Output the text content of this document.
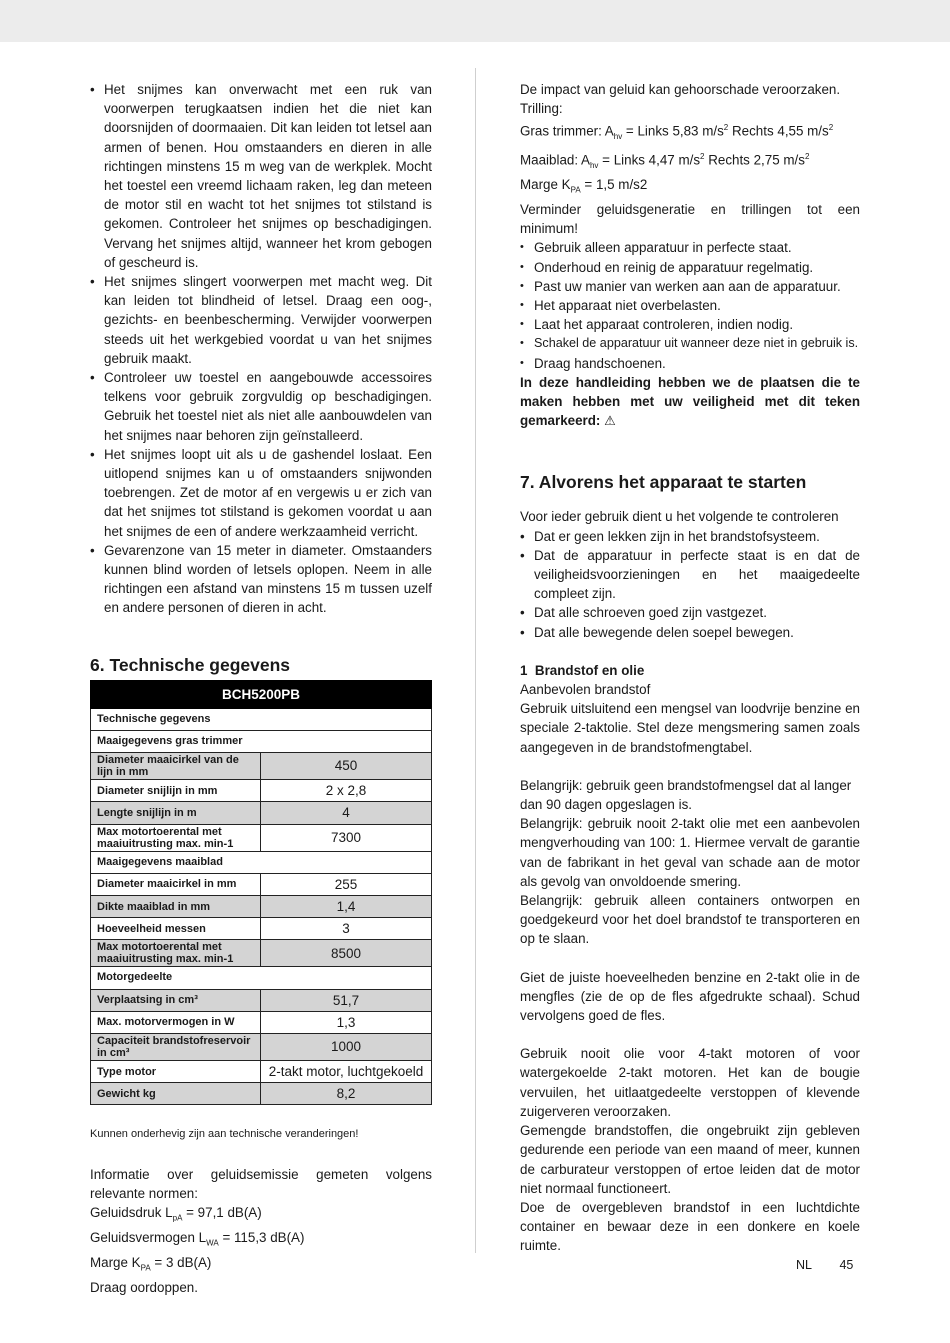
• Het snijmes kan onverwacht met een ruk van voorwerpen terugkaatsen indien het die niet kan doorsnijden of doormaaien. Dit kan leiden tot letsel aan armen of benen. Hou omstaanders en dieren in alle richtingen minstens 15 m weg van de werkplek. Mocht het toestel een vreemd lichaam raken, leg dan meteen de motor stil en wacht tot het snijmes tot stilstand is gekomen. Controleer het snijmes op beschadigingen. Vervang het snijmes altijd, wanneer het krom gebogen of gescheurd is.
• Het snijmes slingert voorwerpen met macht weg. Dit kan leiden tot blindheid of letsel. Draag een oog-, gezichts- en beenbescherming. Verwijder voorwerpen steeds uit het werkgebied voordat u van het snijmes gebruik maakt.
• Controleer uw toestel en aangebouwde accessoires telkens voor gebruik zorgvuldig op beschadigingen. Gebruik het toestel niet als niet alle aanbouwdelen van het snijmes naar behoren zijn geïnstalleerd.
• Het snijmes loopt uit als u de gashendel loslaat. Een uitlopend snijmes kan u of omstaanders snijwonden toebrengen. Zet de motor af en vergewis u er zich van dat het snijmes tot stilstand is gekomen voordat u aan het snijmes de een of andere werkzaamheid verricht.
• Gevarenzone van 15 meter in diameter. Omstaanders kunnen blind worden of letsels oplopen. Neem in alle richtingen een afstand van minstens 15 m tussen uzelf en andere personen of dieren in acht.
6. Technische gegevens
BCH5200PB	
Technische gegevens	
Maaigegevens gras trimmer	
Diameter maaicirkel van de lijn in mm	450
Diameter snijlijn in mm	2 x 2,8
Lengte snijlijn in m	4
Max motortoerental met maaiuitrusting max. min-1	7300
Maaigegevens maaiblad	
Diameter maaicirkel in mm	255
Dikte maaiblad in mm	1,4
Hoeveelheid messen	3
Max motortoerental met maaiuitrusting max. min-1	8500
Motorgedeelte	
Verplaatsing in cm³	51,7
Max. motorvermogen in W	1,3
Capaciteit brandstofreservoir in cm³	1000
Type motor	2-takt motor, luchtgekoeld
Gewicht kg	8,2

Kunnen onderhevig zijn aan technische veranderingen!

Informatie over geluidsemissie gemeten volgens relevante normen:

Geluidsdruk $L_{pA} = 97,1$ dB(A)

Geluidsvermogen $L_{WA} = 115,3$ dB(A)

Marge $K_{PA} = 3$ dB(A)

Draag oordoppen.

De impact van geluid kan gehoorschade veroorzaken.

Trilling:

Gras trimmer: $A_{hv}$ = Links 5,83 $m/s^2$ Rechts 4,55 $m/s^2$

Maaiblad: $A_{hv}$ = Links 4,47 $m/s^2$ Rechts 2,75 $m/s^2$

Marge $K_{PA} = 1,5$ m/s2

Verminder geluidsgeneratie en trillingen tot een minimum!

• Gebruik alleen apparatuur in perfecte staat.
• Onderhoud en reinig de apparatuur regelmatig.
• Past uw manier van werken aan aan de apparatuur.
• Het apparaat niet overbelasten.
• Laat het apparaat controleren, indien nodig.
• Schakel de apparatuur uit wanneer deze niet in gebruik is.
• Draag handschoenen.

In deze handleiding hebben we de plaatsen die te maken hebben met uw veiligheid met dit teken gemarkeerd: ⚠

7. Alvorens het apparaat te starten

Voor ieder gebruik dient u het volgende te controleren

• Dat er geen lekken zijn in het brandstofsysteem.
• Dat de apparatuur in perfecte staat is en dat de veiligheidsvoorzieningen en het maaigedeelte compleet zijn.
• Dat alle schroeven goed zijn vastgezet.
• Dat alle bewegende delen soepel bewegen.

1 Brandstof en olie

Aanbevolen brandstof

Gebruik uitsluitend een mengsel van loodvrije benzine en speciale 2-taktolie. Stel deze mengsmering samen zoals aangegeven in de brandstofmengtabel.

Belangrijk: gebruik geen brandstofmengsel dat al langer dan 90 dagen opgeslagen is.

Belangrijk: gebruik nooit 2-takt olie met een aanbevolen mengverhouding van 100: 1. Hiermee vervalt de garantie van de fabrikant in het geval van schade aan de motor als gevolg van onvoldoende smering.

Belangrijk: gebruik alleen containers ontworpen en goedgekeurd voor het doel brandstof te transporteren en op te slaan.

Giet de juiste hoeveelheden benzine en 2-takt olie in de mengfles (zie de op de fles afgedrukte schaal). Schud vervolgens goed de fles.

Gebruik nooit olie voor 4-takt motoren of voor watergekoelde 2-takt motoren. Het kan de bougie vervuilen, het uitlaatgedeelte verstoppen of klevende zuigerveren veroorzaken.

Gemengde brandstoffen, die ongebruikt zijn gebleven gedurende een periode van een maand of meer, kunnen de carburateur verstoppen of ertoe leiden dat de motor niet normaal functioneert.

Doe de overgebleven brandstof in een luchtdichte container en bewaar deze in een donkere en koele ruimte.

NL 45
